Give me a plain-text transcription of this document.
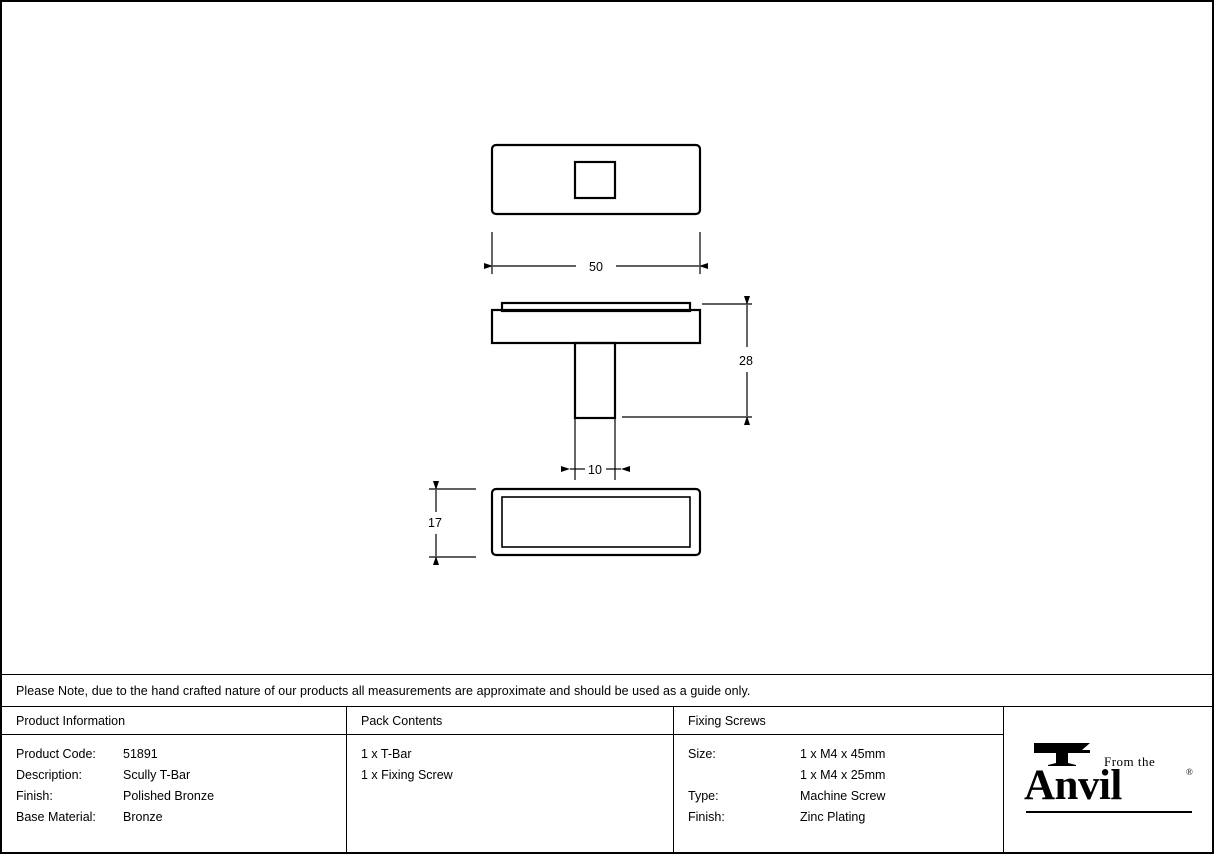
50
28
10
17
Please Note, due to the hand crafted nature of our products all measurements are approximate and should be used as a guide only.
Product Information
Product Code:	51891
Description:	Scully T-Bar
Finish:	Polished Bronze
Base Material:	Bronze
Pack Contents
1 x T-Bar
1 x Fixing Screw
Fixing Screws
Size:	1 x M4 x 45mm
1 x M4 x 25mm
Type:	Machine Screw
Finish:	Zinc Plating
From the
Anvil	®
